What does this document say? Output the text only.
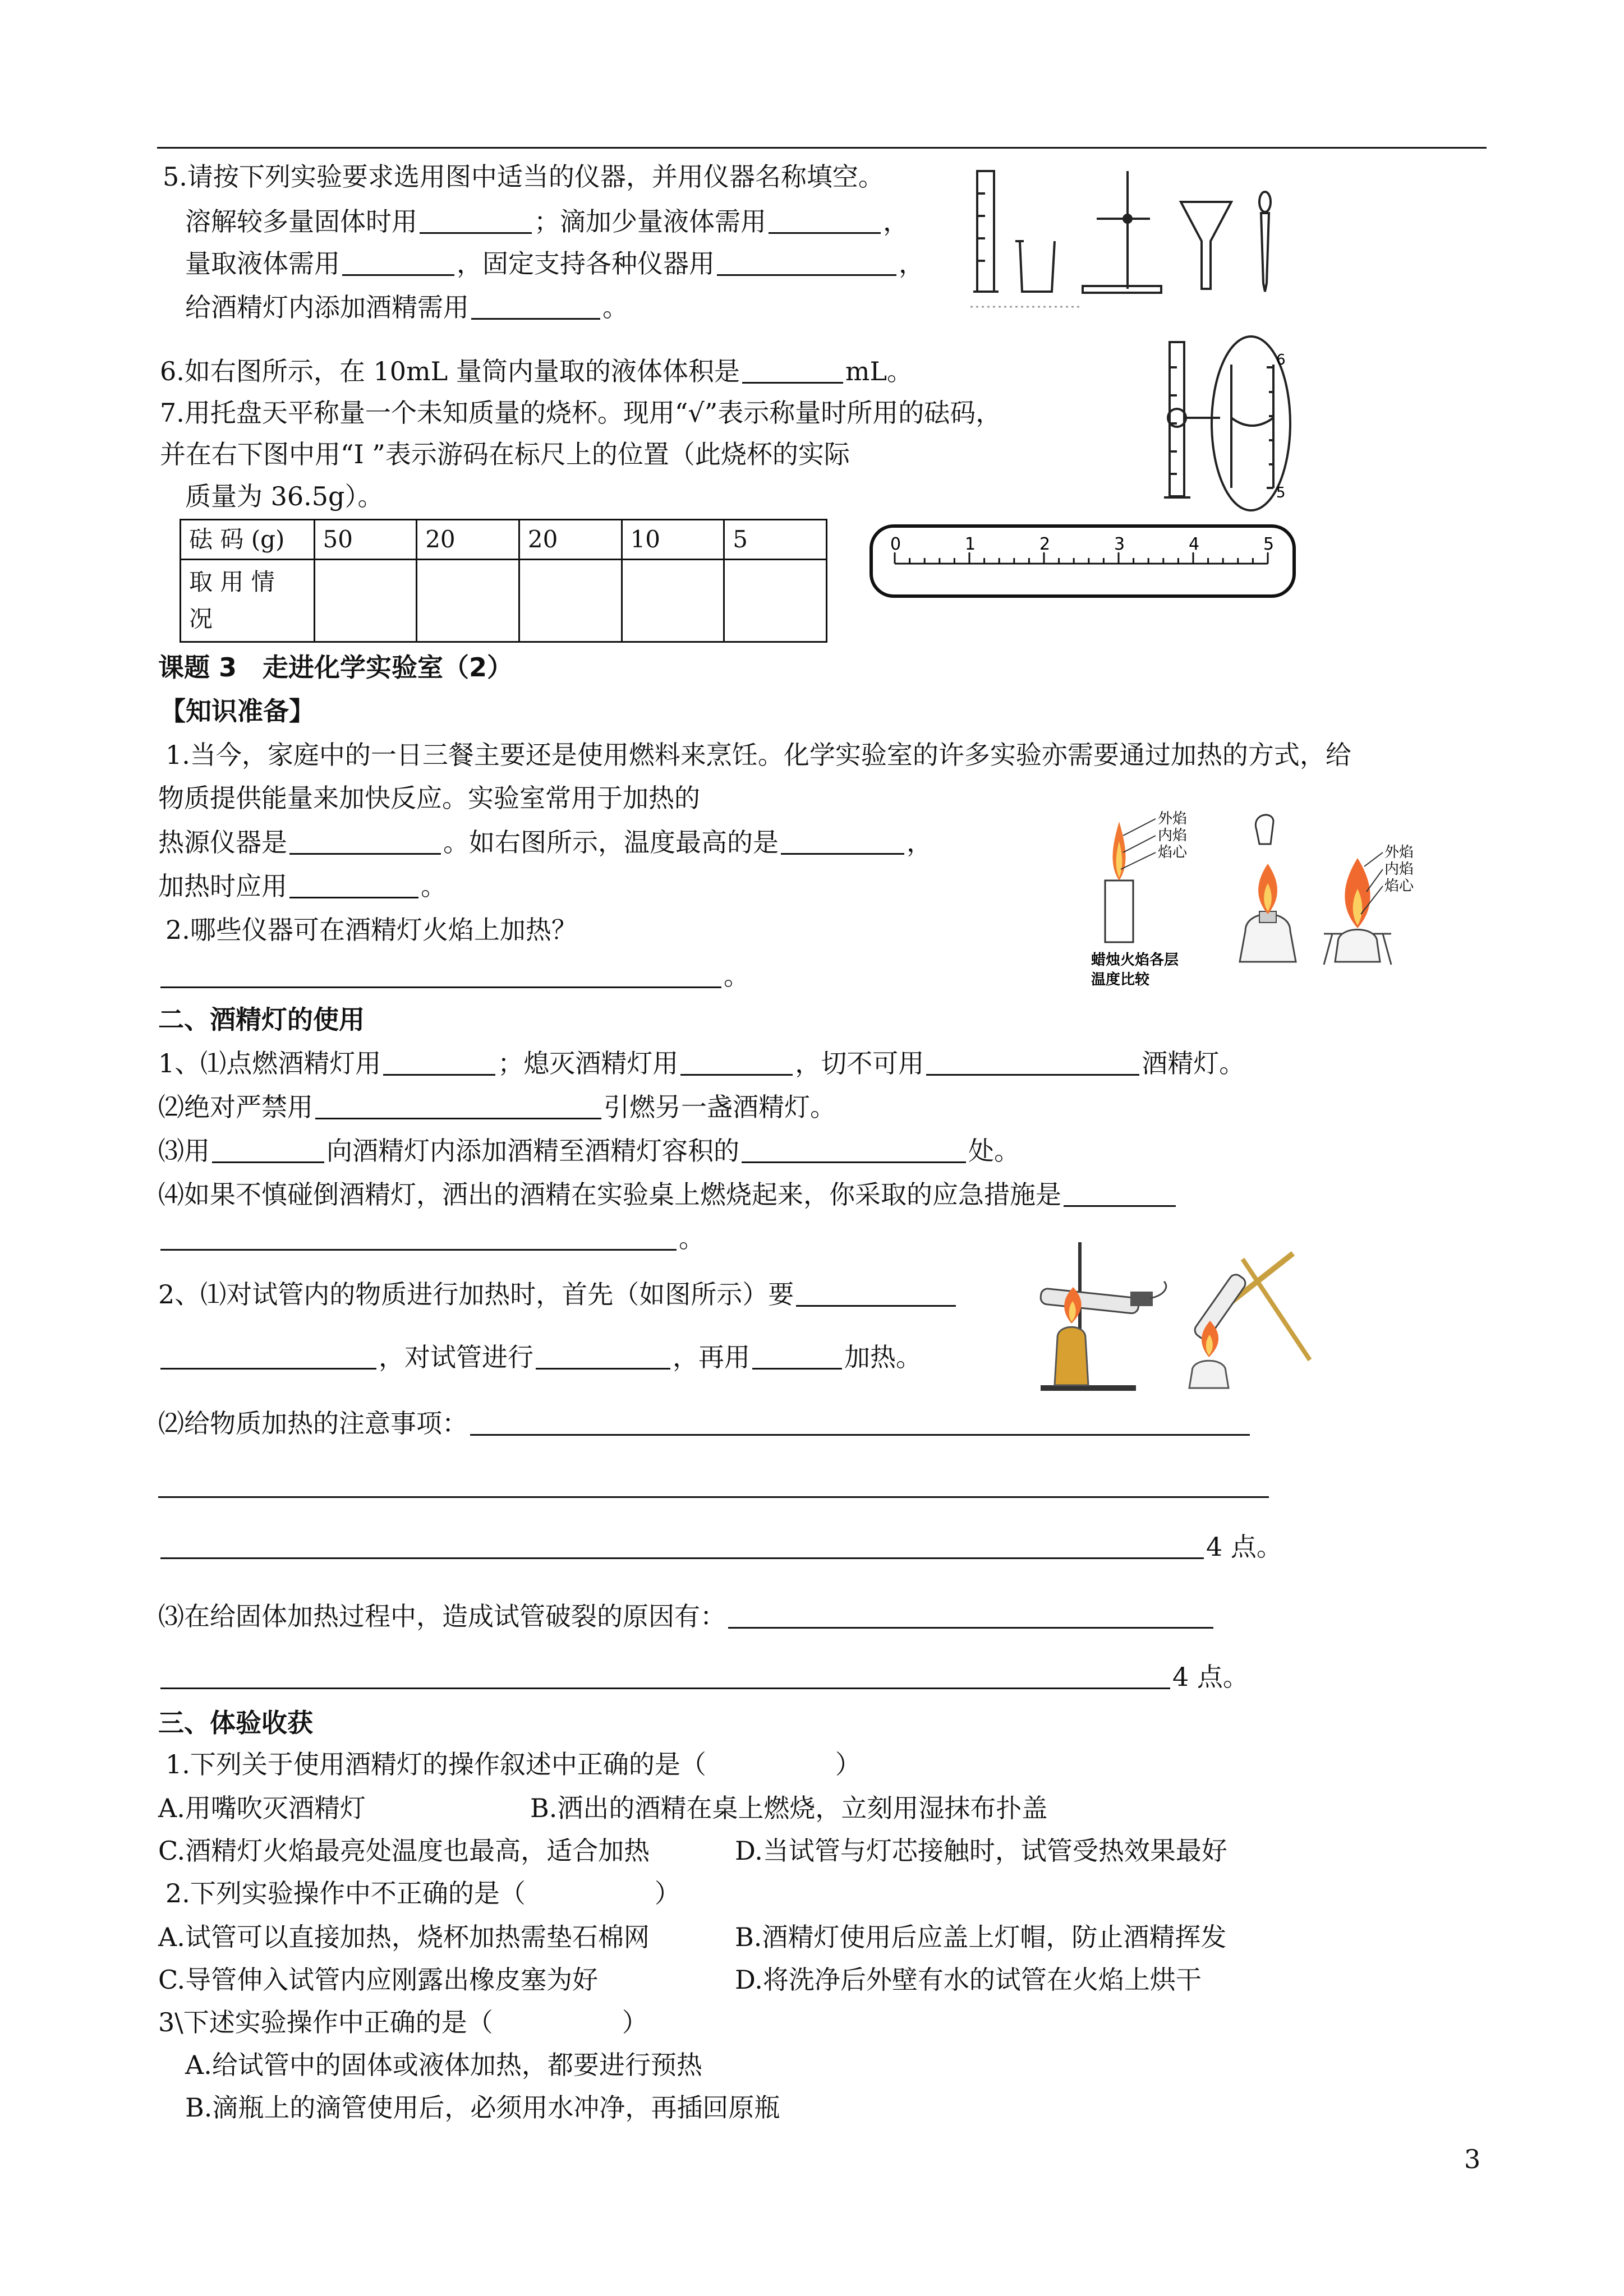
5.请按下列实验要求选用图中适当的仪器，并用仪器名称填空。
溶解较多量固体时用	；滴加少量液体需用	，
量取液体需用	，固定支持各种仪器用	，
给酒精灯内添加酒精需用	。
6.如右图所示，在 10mL 量筒内量取的液体体积是	mL。	6
5
7.用托盘天平称量一个未知质量的烧杯。现用“√”表示称量时所用的砝码，
并在右下图中用“I ”表示游码在标尺上的位置（此烧杯的实际
质量为 36.5g）。
砝 码 (g)	50	20	20	10	5
取 用 情 况					
0	1	2	3	4	5
课题 3　走进化学实验室（2）
【知识准备】
1.当今，家庭中的一日三餐主要还是使用燃料来烹饪。化学实验室的许多实验亦需要通过加热的方式，给
物质提供能量来加快反应。实验室常用于加热的
热源仪器是	。如右图所示，温度最高的是	，
加热时应用	。
2.哪些仪器可在酒精灯火焰上加热？
。
外焰
内焰
焰心
蜡烛火焰各层
温度比较
外焰
内焰
焰心
二、酒精灯的使用
1、⑴点燃酒精灯用	；熄灭酒精灯用	，切不可用	酒精灯。
⑵绝对严禁用	引燃另一盏酒精灯。
⑶用	向酒精灯内添加酒精至酒精灯容积的	处。
⑷如果不慎碰倒酒精灯，洒出的酒精在实验桌上燃烧起来，你采取的应急措施是
。
2、⑴对试管内的物质进行加热时，首先（如图所示）要
，对试管进行	，再用	加热。
⑵给物质加热的注意事项：
4 点。
⑶在给固体加热过程中，造成试管破裂的原因有：
4 点。
三、体验收获
1.下列关于使用酒精灯的操作叙述中正确的是（　　　　　）
A.用嘴吹灭酒精灯	B.洒出的酒精在桌上燃烧，立刻用湿抹布扑盖
C.酒精灯火焰最亮处温度也最高，适合加热	D.当试管与灯芯接触时，试管受热效果最好
2.下列实验操作中不正确的是（　　　　　）
A.试管可以直接加热，烧杯加热需垫石棉网	B.酒精灯使用后应盖上灯帽，防止酒精挥发
C.导管伸入试管内应刚露出橡皮塞为好	D.将洗净后外壁有水的试管在火焰上烘干
3\下述实验操作中正确的是（　　　　　）
A.给试管中的固体或液体加热，都要进行预热
B.滴瓶上的滴管使用后，必须用水冲净，再插回原瓶
3
